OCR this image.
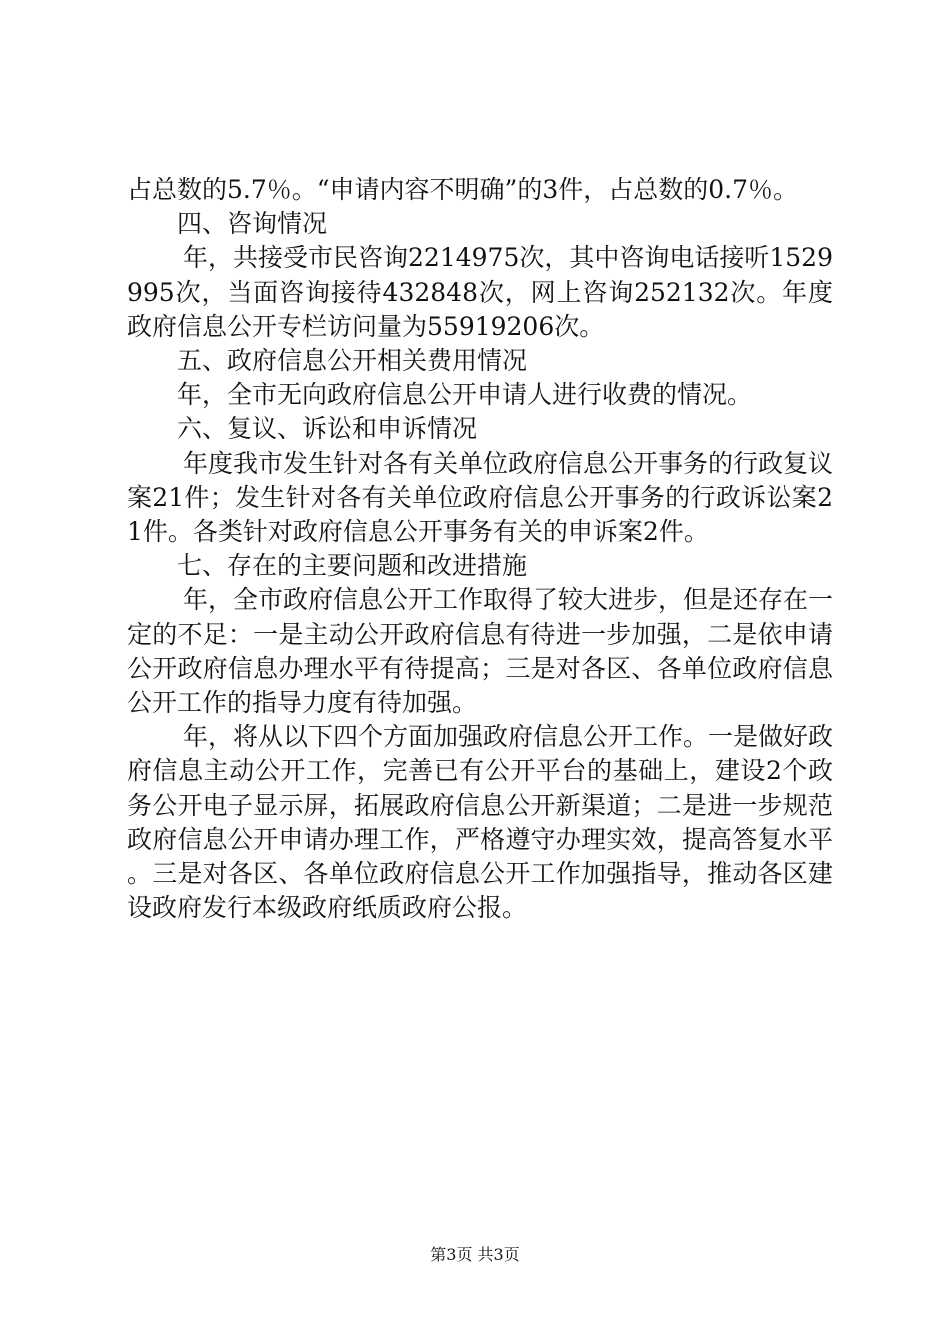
占总数的5.7％。“申请内容不明确”的3件，占总数的0.7％。

四、咨询情况

年，共接受市民咨询2214975次，其中咨询电话接听1529995次，当面咨询接待432848次，网上咨询252132次。年度政府信息公开专栏访问量为55919206次。

五、政府信息公开相关费用情况

年，全市无向政府信息公开申请人进行收费的情况。

六、复议、诉讼和申诉情况

年度我市发生针对各有关单位政府信息公开事务的行政复议案21件；发生针对各有关单位政府信息公开事务的行政诉讼案21件。各类针对政府信息公开事务有关的申诉案2件。

七、存在的主要问题和改进措施

年，全市政府信息公开工作取得了较大进步，但是还存在一定的不足：一是主动公开政府信息有待进一步加强，二是依申请公开政府信息办理水平有待提高；三是对各区、各单位政府信息公开工作的指导力度有待加强。

年，将从以下四个方面加强政府信息公开工作。一是做好政府信息主动公开工作，完善已有公开平台的基础上，建设2个政务公开电子显示屏，拓展政府信息公开新渠道；二是进一步规范政府信息公开申请办理工作，严格遵守办理实效，提高答复水平。三是对各区、各单位政府信息公开工作加强指导，推动各区建设政府发行本级政府纸质政府公报。

第3页 共3页
